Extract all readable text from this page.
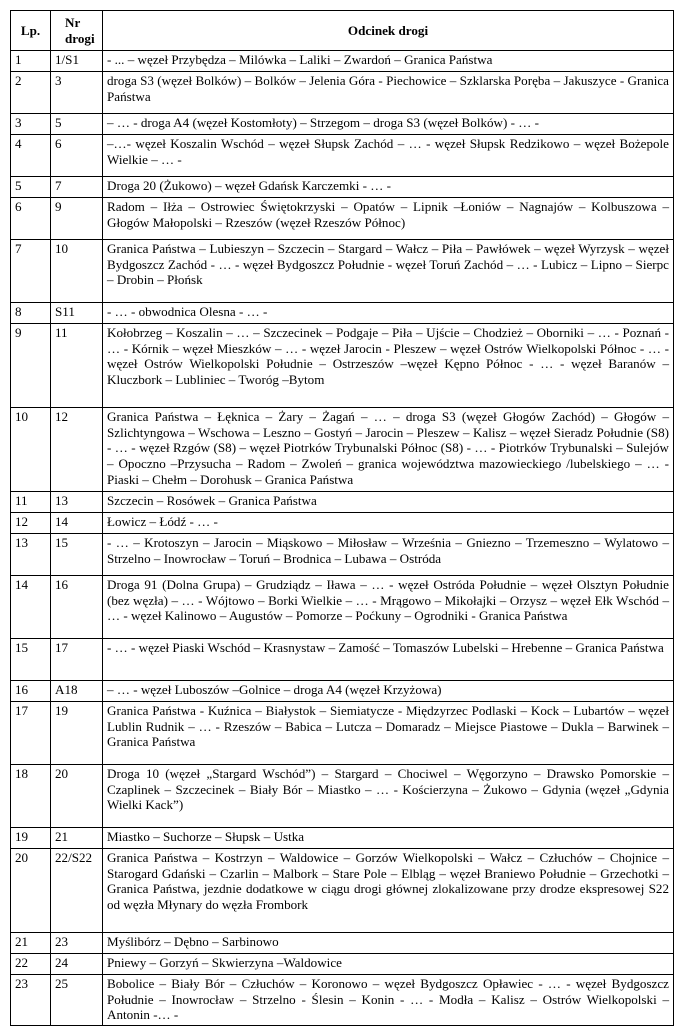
Lp.	Nr drogi	Odcinek drogi
1	1/S1	- ... – węzeł Przybędza – Milówka – Laliki – Zwardoń – Granica Państwa
2	3	droga S3 (węzeł Bolków) – Bolków – Jelenia Góra - Piechowice – Szklarska Poręba – Jakuszyce - Granica Państwa
3	5	– … - droga A4 (węzeł Kostomłoty) – Strzegom – droga S3 (węzeł Bolków) - … -
4	6	–…- węzeł Koszalin Wschód – węzeł Słupsk Zachód – … - węzeł Słupsk Redzikowo – węzeł Bożepole Wielkie – … -
5	7	Droga 20 (Żukowo) – węzeł Gdańsk Karczemki - … -
6	9	Radom – Iłża – Ostrowiec Świętokrzyski – Opatów – Lipnik –Łoniów – Nagnajów – Kolbuszowa – Głogów Małopolski – Rzeszów (węzeł Rzeszów Północ)
7	10	Granica Państwa – Lubieszyn – Szczecin – Stargard – Wałcz – Piła – Pawłówek – węzeł Wyrzysk – węzeł Bydgoszcz Zachód - … - węzeł Bydgoszcz Południe - węzeł Toruń Zachód – … - Lubicz – Lipno – Sierpc – Drobin – Płońsk
8	S11	- … - obwodnica Olesna - … -
9	11	Kołobrzeg – Koszalin – … – Szczecinek – Podgaje – Piła – Ujście – Chodzież – Oborniki – … - Poznań - … - Kórnik – węzeł Mieszków – … - węzeł Jarocin - Pleszew – węzeł Ostrów Wielkopolski Północ - … - węzeł Ostrów Wielkopolski Południe – Ostrzeszów –węzeł Kępno Północ - … - węzeł Baranów – Kluczbork – Lubliniec – Tworóg –Bytom
10	12	Granica Państwa – Łęknica – Żary – Żagań – … – droga S3 (węzeł Głogów Zachód) – Głogów – Szlichtyngowa – Wschowa – Leszno – Gostyń – Jarocin – Pleszew – Kalisz – węzeł Sieradz Południe (S8) - … - węzeł Rzgów (S8) – węzeł Piotrków Trybunalski Północ (S8) - … - Piotrków Trybunalski – Sulejów – Opoczno –Przysucha – Radom – Zwoleń – granica województwa mazowieckiego /lubelskiego – … - Piaski – Chełm – Dorohusk – Granica Państwa
11	13	Szczecin – Rosówek – Granica Państwa
12	14	Łowicz – Łódź - … -
13	15	- … – Krotoszyn – Jarocin – Miąskowo – Miłosław – Września – Gniezno – Trzemeszno – Wylatowo – Strzelno – Inowrocław – Toruń – Brodnica – Lubawa – Ostróda
14	16	Droga 91 (Dolna Grupa) – Grudziądz – Iława – … - węzeł Ostróda Południe – węzeł Olsztyn Południe (bez węzła) – … - Wójtowo – Borki Wielkie – … - Mrągowo – Mikołajki – Orzysz – węzeł Ełk Wschód – … - węzeł Kalinowo – Augustów – Pomorze – Poćkuny – Ogrodniki - Granica Państwa
15	17	- … - węzeł Piaski Wschód – Krasnystaw – Zamość – Tomaszów Lubelski – Hrebenne – Granica Państwa
16	A18	– … - węzeł Luboszów –Golnice – droga A4 (węzeł Krzyżowa)
17	19	Granica Państwa - Kuźnica – Białystok – Siemiatycze - Międzyrzec Podlaski – Kock – Lubartów – węzeł Lublin Rudnik – … - Rzeszów – Babica – Lutcza – Domaradz – Miejsce Piastowe – Dukla – Barwinek – Granica Państwa
18	20	Droga 10 (węzeł „Stargard Wschód”) – Stargard – Chociwel – Węgorzyno – Drawsko Pomorskie – Czaplinek – Szczecinek – Biały Bór – Miastko – … - Kościerzyna – Żukowo – Gdynia (węzeł „Gdynia Wielki Kack”)
19	21	Miastko – Suchorze – Słupsk – Ustka
20	22/S22	Granica Państwa – Kostrzyn – Waldowice – Gorzów Wielkopolski – Wałcz – Człuchów – Chojnice – Starogard Gdański – Czarlin – Malbork – Stare Pole – Elbląg – węzeł Braniewo Południe – Grzechotki – Granica Państwa, jezdnie dodatkowe w ciągu drogi głównej zlokalizowane przy drodze ekspresowej S22 od węzła Młynary do węzła Frombork
21	23	Myślibórz – Dębno – Sarbinowo
22	24	Pniewy – Gorzyń – Skwierzyna –Waldowice
23	25	Bobolice – Biały Bór – Człuchów – Koronowo – węzeł Bydgoszcz Opławiec - … - węzeł Bydgoszcz Południe – Inowrocław – Strzelno - Ślesin – Konin - … - Modła – Kalisz – Ostrów Wielkopolski – Antonin -… -
